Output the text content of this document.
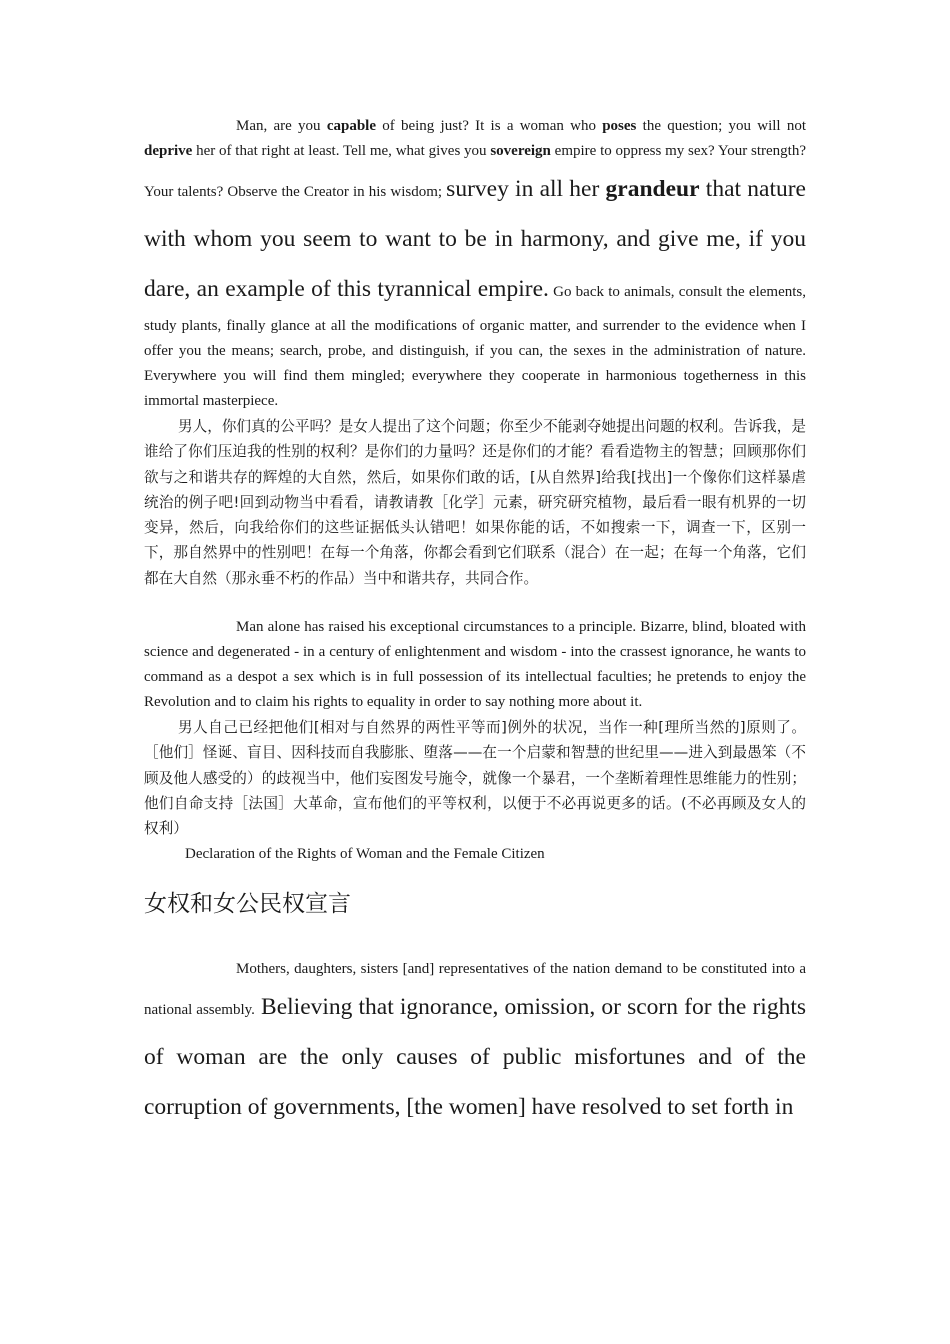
Man, are you capable of being just? It is a woman who poses the question; you will not deprive her of that right at least. Tell me, what gives you sovereign empire to oppress my sex? Your strength? Your talents? Observe the Creator in his wisdom; survey in all her grandeur that nature with whom you seem to want to be in harmony, and give me, if you dare, an example of this tyrannical empire. Go back to animals, consult the elements, study plants, finally glance at all the modifications of organic matter, and surrender to the evidence when I offer you the means; search, probe, and distinguish, if you can, the sexes in the administration of nature. Everywhere you will find them mingled; everywhere they cooperate in harmonious togetherness in this immortal masterpiece.

男人，你们真的公平吗？是女人提出了这个问题；你至少不能剥夺她提出问题的权利。告诉我，是谁给了你们压迫我的性别的权利？是你们的力量吗？还是你们的才能？看看造物主的智慧；回顾那你们欲与之和谐共存的辉煌的大自然，然后，如果你们敢的话，[从自然界]给我[找出]一个像你们这样暴虐统治的例子吧!回到动物当中看看，请教请教［化学］元素，研究研究植物，最后看一眼有机界的一切变异，然后，向我给你们的这些证据低头认错吧！如果你能的话，不如搜索一下，调查一下，区别一下，那自然界中的性别吧！在每一个角落，你都会看到它们联系（混合）在一起；在每一个角落，它们都在大自然（那永垂不朽的作品）当中和谐共存，共同合作。

Man alone has raised his exceptional circumstances to a principle. Bizarre, blind, bloated with science and degenerated - in a century of enlightenment and wisdom - into the crassest ignorance, he wants to command as a despot a sex which is in full possession of its intellectual faculties; he pretends to enjoy the Revolution and to claim his rights to equality in order to say nothing more about it.

男人自己已经把他们[相对与自然界的两性平等而]例外的状况，当作一种[理所当然的]原则了。［他们］怪诞、盲目、因科技而自我膨胀、堕落——在一个启蒙和智慧的世纪里——进入到最愚笨（不顾及他人感受的）的歧视当中，他们妄图发号施令，就像一个暴君，一个垄断着理性思维能力的性别；他们自命支持［法国］大革命，宣布他们的平等权利，以便于不必再说更多的话。(不必再顾及女人的权利）

Declaration of the Rights of Woman and the Female Citizen

女权和女公民权宣言

Mothers, daughters, sisters [and] representatives of the nation demand to be constituted into a national assembly. Believing that ignorance, omission, or scorn for the rights of woman are the only causes of public misfortunes and of the corruption of governments, [the women] have resolved to set forth in
